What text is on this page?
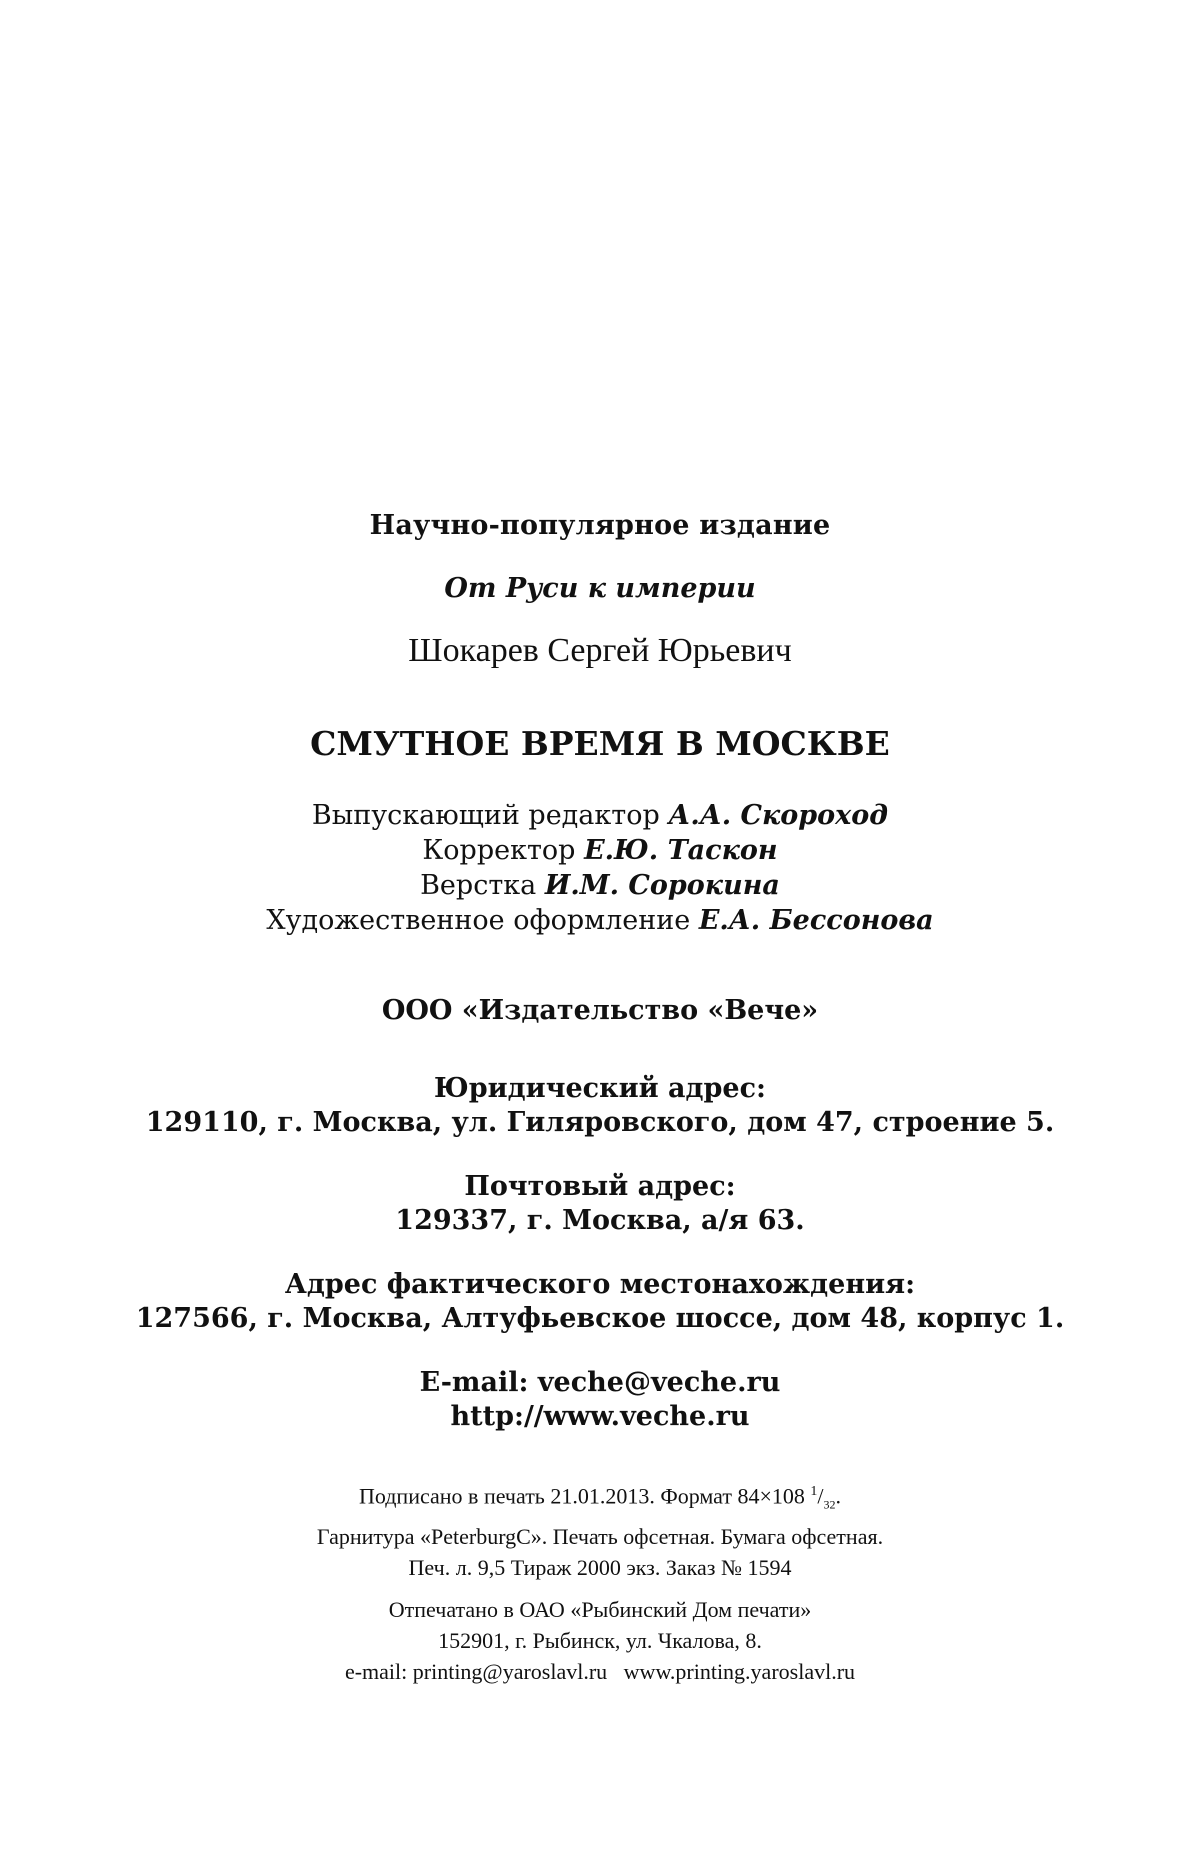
Научно-популярное издание
От Руси к империи
Шокарев Сергей Юрьевич
СМУТНОЕ ВРЕМЯ В МОСКВЕ
Выпускающий редактор А.А. Скороход
Корректор Е.Ю. Таскон
Верстка И.М. Сорокина
Художественное оформление Е.А. Бессонова
ООО «Издательство «Вече»
Юридический адрес:
129110, г. Москва, ул. Гиляровского, дом 47, строение 5.
Почтовый адрес:
129337, г. Москва, а/я 63.
Адрес фактического местонахождения:
127566, г. Москва, Алтуфьевское шоссе, дом 48, корпус 1.
E-mail: veche@veche.ru
http://www.veche.ru
Подписано в печать 21.01.2013. Формат 84×108 $^1/_{32}$.
Гарнитура «PeterburgC». Печать офсетная. Бумага офсетная.
Печ. л. 9,5 Тираж 2000 экз. Заказ № 1594
Отпечатано в ОАО «Рыбинский Дом печати»
152901, г. Рыбинск, ул. Чкалова, 8.
e-mail: printing@yaroslavl.ru   www.printing.yaroslavl.ru
